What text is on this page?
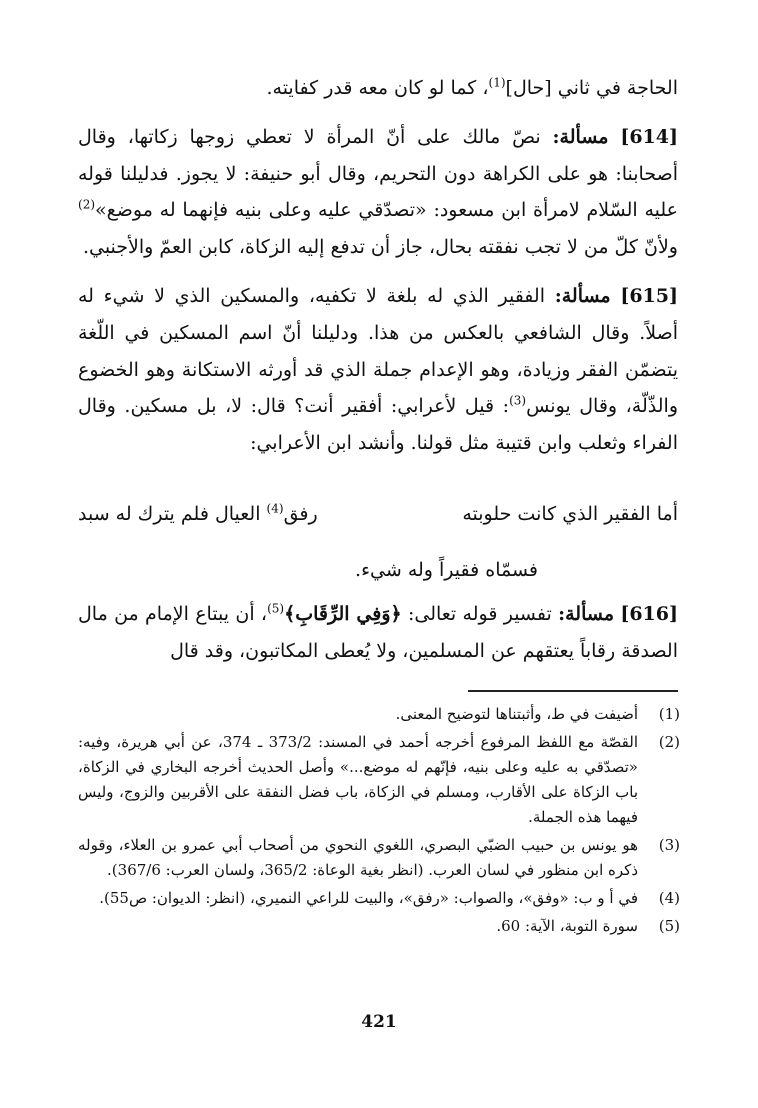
الحاجة في ثاني [حال]$^{(1)}$، كما لو كان معه قدر كفايته.

[614] مسألة: نصّ مالك على أنّ المرأة لا تعطي زوجها زكاتها، وقال أصحابنا: هو على الكراهة دون التحريم، وقال أبو حنيفة: لا يجوز. فدليلنا قوله عليه السّلام لامرأة ابن مسعود: «تصدّقي عليه وعلى بنيه فإنهما له موضع»$^{(2)}$ ولأنّ كلّ من لا تجب نفقته بحال، جاز أن تدفع إليه الزكاة، كابن العمّ والأجنبي.

[615] مسألة: الفقير الذي له بلغة لا تكفيه، والمسكين الذي لا شيء له أصلاً. وقال الشافعي بالعكس من هذا. ودليلنا أنّ اسم المسكين في اللّغة يتضمّن الفقر وزيادة، وهو الإعدام جملة الذي قد أورثه الاستكانة وهو الخضوع والذّلّة، وقال يونس$^{(3)}$: قيل لأعرابي: أفقير أنت؟ قال: لا، بل مسكين. وقال الفراء وثعلب وابن قتيبة مثل قولنا. وأنشد ابن الأعرابي:

أما الفقير الذي كانت حلوبته
رفق$^{(4)}$ العيال فلم يترك له سبد
فسمّاه فقيراً وله شيء.
[616] مسألة: تفسير قوله تعالى: ﴿وَفِي الرِّقَابِ﴾$^{(5)}$، أن يبتاع الإمام من مال الصدقة رقاباً يعتقهم عن المسلمين، ولا يُعطى المكاتبون، وقد قال
(1)
أضيفت في ط، وأثبتناها لتوضيح المعنى.
(2)
القصّة مع اللفظ المرفوع أخرجه أحمد في المسند: 373/2 ـ 374، عن أبي هريرة، وفيه: «تصدّقي به عليه وعلى بنيه، فإنّهم له موضع...» وأصل الحديث أخرجه البخاري في الزكاة، باب الزكاة على الأقارب، ومسلم في الزكاة، باب فضل النفقة على الأقربين والزوج، وليس فيهما هذه الجملة.
(3)
هو يونس بن حبيب الضبّي البصري، اللغوي النحوي من أصحاب أبي عمرو بن العلاء، وقوله ذكره ابن منظور في لسان العرب. (انظر بغية الوعاة: 365/2، ولسان العرب: 367/6).
(4)
في أ و ب: «وفق»، والصواب: «رفق»، والبيت للراعي النميري، (انظر: الديوان: ص55).
(5)
سورة التوبة، الآية: 60.
421
